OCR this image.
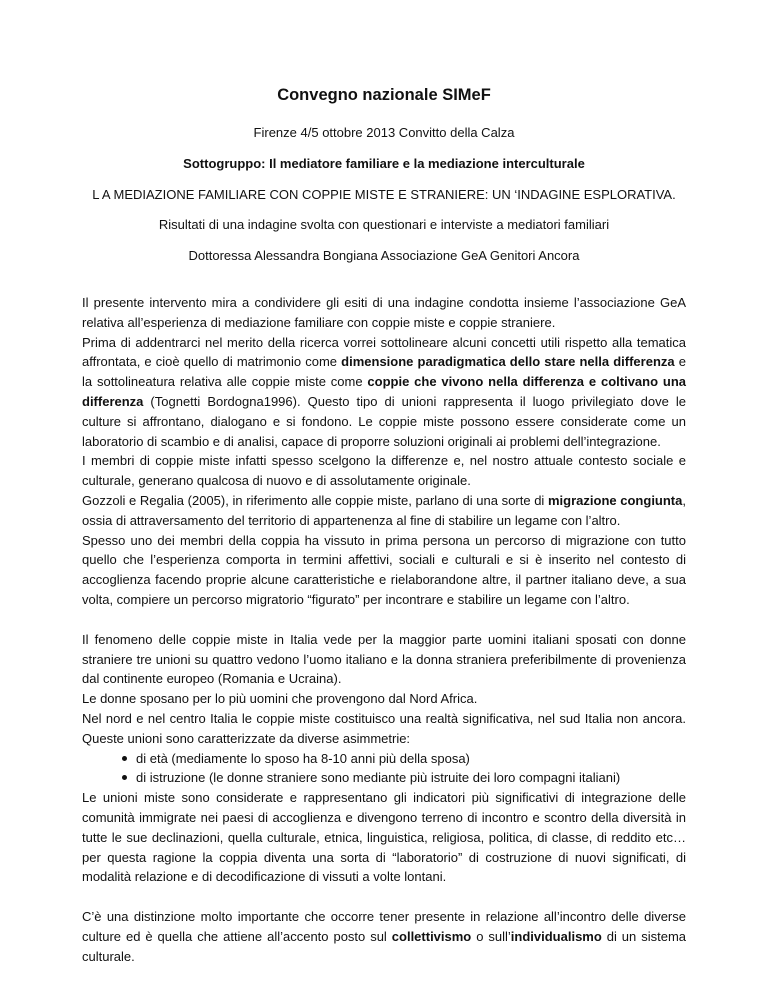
Convegno nazionale SIMeF
Firenze 4/5 ottobre 2013 Convitto della Calza
Sottogruppo: Il mediatore familiare e la mediazione interculturale
L A MEDIAZIONE FAMILIARE CON COPPIE MISTE E STRANIERE: UN ‘INDAGINE ESPLORATIVA.
Risultati di una indagine svolta con questionari e interviste a mediatori familiari
Dottoressa Alessandra Bongiana Associazione GeA Genitori Ancora

Il presente intervento mira a condividere gli esiti di una indagine condotta insieme l’associazione GeA relativa all’esperienza di mediazione familiare con coppie miste e coppie straniere.

Prima di addentrarci nel merito della ricerca vorrei sottolineare alcuni concetti utili rispetto alla tematica affrontata, e cioè quello di matrimonio come dimensione paradigmatica dello stare nella differenza e la sottolineatura relativa alle coppie miste come coppie che vivono nella differenza e coltivano una differenza (Tognetti Bordogna1996). Questo tipo di unioni rappresenta il luogo privilegiato dove le culture si affrontano, dialogano e si fondono. Le coppie miste possono essere considerate come un laboratorio di scambio e di analisi, capace di proporre soluzioni originali ai problemi dell’integrazione.

I membri di coppie miste infatti spesso scelgono la differenze e, nel nostro attuale contesto sociale e culturale, generano qualcosa di nuovo e di assolutamente originale.

Gozzoli e Regalia (2005), in riferimento alle coppie miste, parlano di una sorte di migrazione congiunta, ossia di attraversamento del territorio di appartenenza al fine di stabilire un legame con l’altro.

Spesso uno dei membri della coppia ha vissuto in prima persona un percorso di migrazione con tutto quello che l’esperienza comporta in termini affettivi, sociali e culturali e si è inserito nel contesto di accoglienza facendo proprie alcune caratteristiche e rielaborandone altre, il partner italiano deve, a sua volta, compiere un percorso migratorio “figurato” per incontrare e stabilire un legame con l’altro.

Il fenomeno delle coppie miste in Italia vede per la maggior parte uomini italiani sposati con donne straniere tre unioni su quattro vedono l’uomo italiano e la donna straniera preferibilmente di provenienza dal continente europeo (Romania e Ucraina).

Le donne sposano per lo più uomini che provengono dal Nord Africa.

Nel nord e nel centro Italia le coppie miste costituisco una realtà significativa, nel sud Italia non ancora. Queste unioni sono caratterizzate da diverse asimmetrie:

di età (mediamente lo sposo ha 8-10 anni più della sposa)
di istruzione (le donne straniere sono mediante più istruite dei loro compagni italiani)

Le unioni miste sono considerate e rappresentano gli indicatori più significativi di integrazione delle comunità immigrate nei paesi di accoglienza e divengono terreno di incontro e scontro della diversità in tutte le sue declinazioni, quella culturale, etnica, linguistica, religiosa, politica, di classe, di reddito etc… per questa ragione la coppia diventa una sorta di “laboratorio” di costruzione di nuovi significati, di modalità relazione e di decodificazione di vissuti a volte lontani.

C’è una distinzione molto importante che occorre tener presente in relazione all’incontro delle diverse culture ed è quella che attiene all’accento posto sul collettivismo o sull’individualismo di un sistema culturale.
